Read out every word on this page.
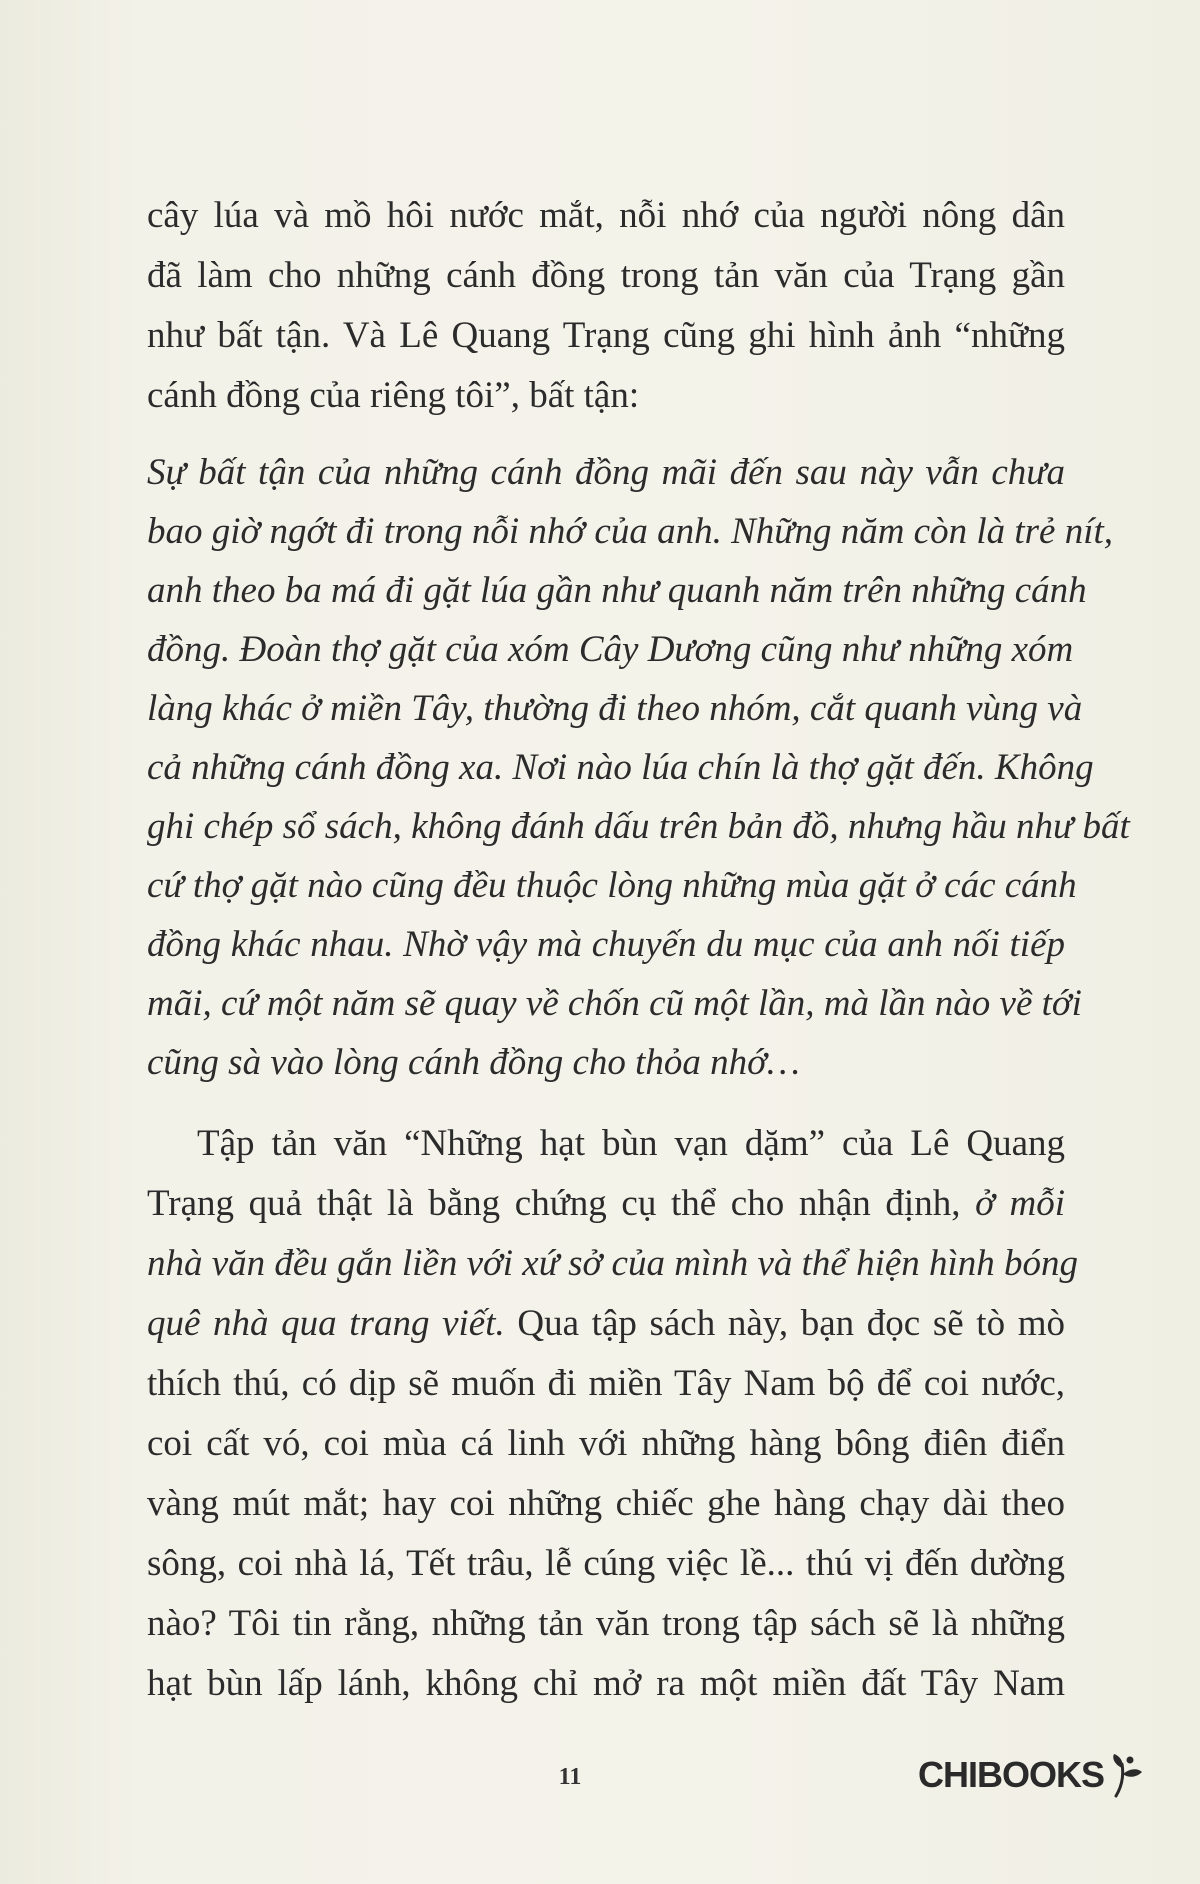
cây lúa và mồ hôi nước mắt, nỗi nhớ của người nông dân
đã làm cho những cánh đồng trong tản văn của Trạng gần
như bất tận. Và Lê Quang Trạng cũng ghi hình ảnh “những
cánh đồng của riêng tôi”, bất tận:
Sự bất tận của những cánh đồng mãi đến sau này vẫn chưa
bao giờ ngớt đi trong nỗi nhớ của anh. Những năm còn là trẻ nít,
anh theo ba má đi gặt lúa gần như quanh năm trên những cánh
đồng. Đoàn thợ gặt của xóm Cây Dương cũng như những xóm
làng khác ở miền Tây, thường đi theo nhóm, cắt quanh vùng và
cả những cánh đồng xa. Nơi nào lúa chín là thợ gặt đến. Không
ghi chép sổ sách, không đánh dấu trên bản đồ, nhưng hầu như bất
cứ thợ gặt nào cũng đều thuộc lòng những mùa gặt ở các cánh
đồng khác nhau. Nhờ vậy mà chuyến du mục của anh nối tiếp
mãi, cứ một năm sẽ quay về chốn cũ một lần, mà lần nào về tới
cũng sà vào lòng cánh đồng cho thỏa nhớ…
Tập tản văn “Những hạt bùn vạn dặm” của Lê Quang
Trạng quả thật là bằng chứng cụ thể cho nhận định, ở mỗi
nhà văn đều gắn liền với xứ sở của mình và thể hiện hình bóng
quê nhà qua trang viết. Qua tập sách này, bạn đọc sẽ tò mò
thích thú, có dịp sẽ muốn đi miền Tây Nam bộ để coi nước,
coi cất vó, coi mùa cá linh với những hàng bông điên điển
vàng mút mắt; hay coi những chiếc ghe hàng chạy dài theo
sông, coi nhà lá, Tết trâu, lễ cúng việc lề... thú vị đến dường
nào? Tôi tin rằng, những tản văn trong tập sách sẽ là những
hạt bùn lấp lánh, không chỉ mở ra một miền đất Tây Nam
11	CHIBOOKS
